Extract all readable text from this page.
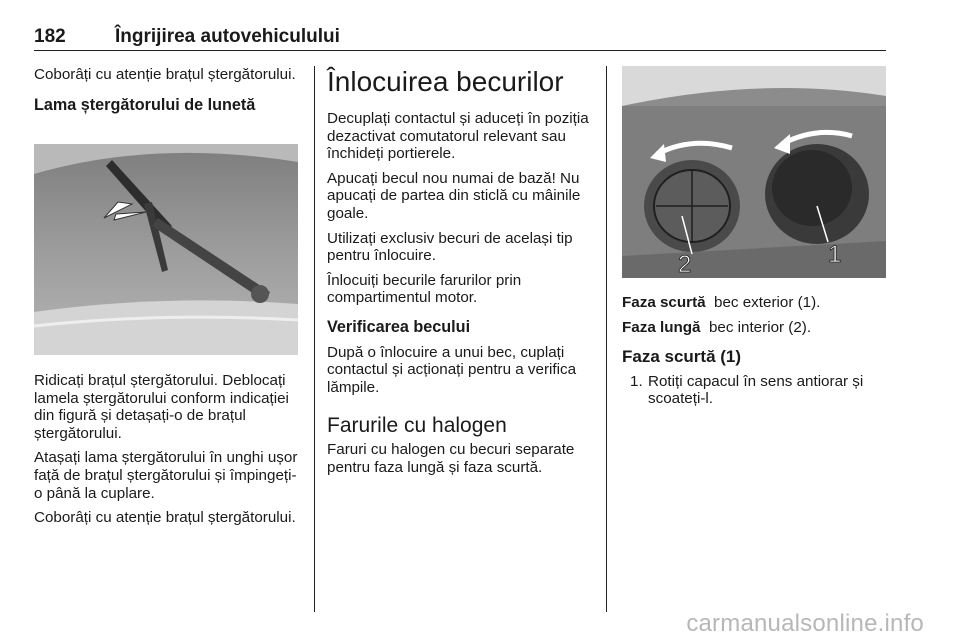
182	Îngrijirea autovehiculului

Coborâți cu atenție brațul ștergătorului.

Lama ștergătorului de lunetă

Ridicați brațul ștergătorului. Deblocați lamela ștergătorului conform indicației din figură și detașați-o de brațul ștergătorului.

Atașați lama ștergătorului în unghi ușor față de brațul ștergătorului și împingeți-o până la cuplare.

Coborâți cu atenție brațul ștergătorului.

Înlocuirea becurilor

Decuplați contactul și aduceți în poziția dezactivat comutatorul relevant sau închideți portierele.

Apucați becul nou numai de bază! Nu apucați de partea din sticlă cu mâinile goale.

Utilizați exclusiv becuri de același tip pentru înlocuire.

Înlocuiți becurile farurilor prin compartimentul motor.

Verificarea becului

După o înlocuire a unui bec, cuplați contactul și acționați pentru a verifica lămpile.

Farurile cu halogen

Faruri cu halogen cu becuri separate pentru faza lungă și faza scurtă.

1
2

Faza scurtă bec exterior (1).

Faza lungă bec interior (2).

Faza scurtă (1)
1. Rotiți capacul în sens antiorar și scoateți-l.
carmanualsonline.info
